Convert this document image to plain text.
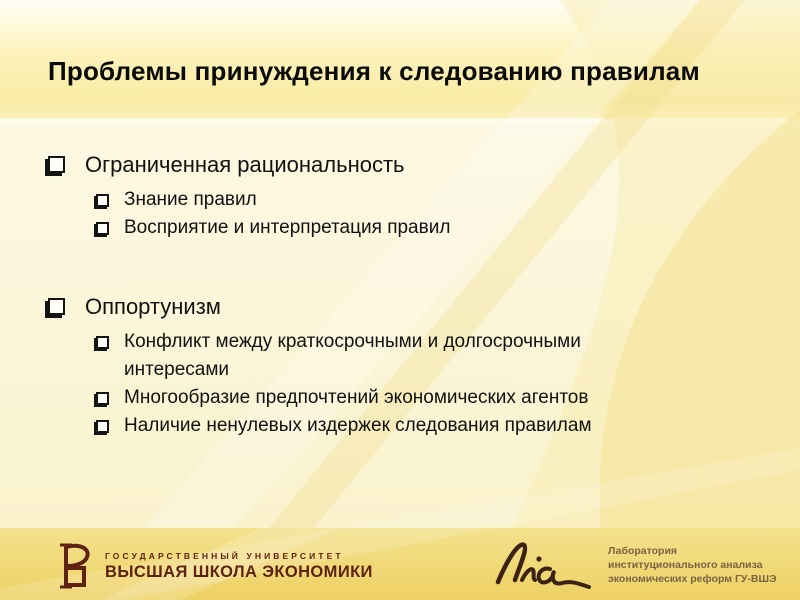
Проблемы принуждения к следованию правилам
Ограниченная рациональность
Знание правил
Восприятие и интерпретация правил
Оппортунизм
Конфликт между краткосрочными и долгосрочными интересами
Многообразие предпочтений экономических агентов
Наличие ненулевых издержек следования правилам
ГОСУДАРСТВЕННЫЙ УНИВЕРСИТЕТ
ВЫСШАЯ ШКОЛА ЭКОНОМИКИ
Лаборатория
институционального анализа
экономических реформ ГУ-ВШЭ
